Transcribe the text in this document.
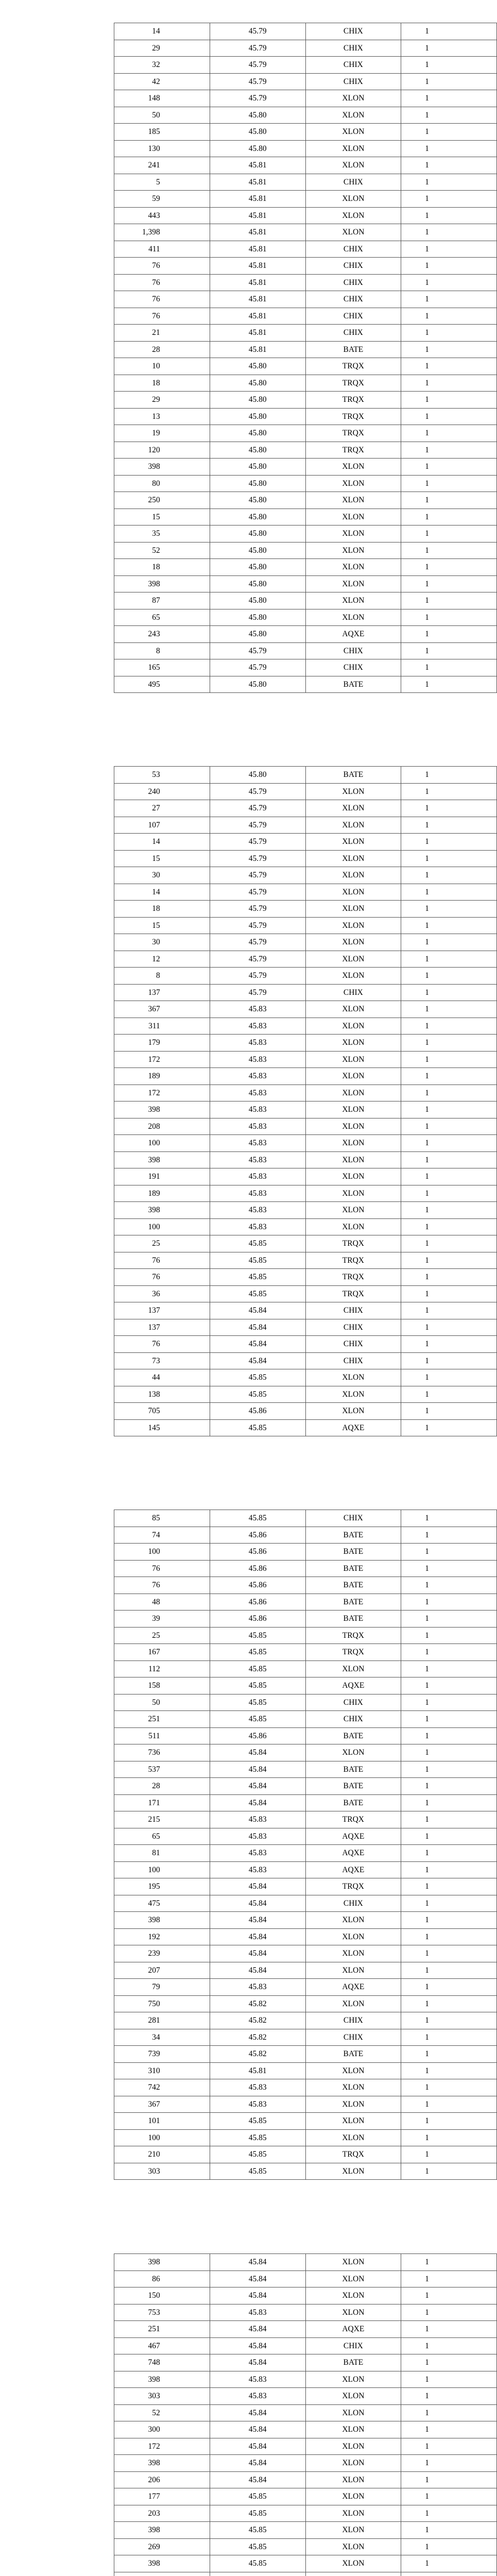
14	45.79	CHIX	1
29	45.79	CHIX	1
32	45.79	CHIX	1
42	45.79	CHIX	1
148	45.79	XLON	1
50	45.80	XLON	1
185	45.80	XLON	1
130	45.80	XLON	1
241	45.81	XLON	1
5	45.81	CHIX	1
59	45.81	XLON	1
443	45.81	XLON	1
1,398	45.81	XLON	1
411	45.81	CHIX	1
76	45.81	CHIX	1
76	45.81	CHIX	1
76	45.81	CHIX	1
76	45.81	CHIX	1
21	45.81	CHIX	1
28	45.81	BATE	1
10	45.80	TRQX	1
18	45.80	TRQX	1
29	45.80	TRQX	1
13	45.80	TRQX	1
19	45.80	TRQX	1
120	45.80	TRQX	1
398	45.80	XLON	1
80	45.80	XLON	1
250	45.80	XLON	1
15	45.80	XLON	1
35	45.80	XLON	1
52	45.80	XLON	1
18	45.80	XLON	1
398	45.80	XLON	1
87	45.80	XLON	1
65	45.80	XLON	1
243	45.80	AQXE	1
8	45.79	CHIX	1
165	45.79	CHIX	1
495	45.80	BATE	1
53	45.80	BATE	1
240	45.79	XLON	1
27	45.79	XLON	1
107	45.79	XLON	1
14	45.79	XLON	1
15	45.79	XLON	1
30	45.79	XLON	1
14	45.79	XLON	1
18	45.79	XLON	1
15	45.79	XLON	1
30	45.79	XLON	1
12	45.79	XLON	1
8	45.79	XLON	1
137	45.79	CHIX	1
367	45.83	XLON	1
311	45.83	XLON	1
179	45.83	XLON	1
172	45.83	XLON	1
189	45.83	XLON	1
172	45.83	XLON	1
398	45.83	XLON	1
208	45.83	XLON	1
100	45.83	XLON	1
398	45.83	XLON	1
191	45.83	XLON	1
189	45.83	XLON	1
398	45.83	XLON	1
100	45.83	XLON	1
25	45.85	TRQX	1
76	45.85	TRQX	1
76	45.85	TRQX	1
36	45.85	TRQX	1
137	45.84	CHIX	1
137	45.84	CHIX	1
76	45.84	CHIX	1
73	45.84	CHIX	1
44	45.85	XLON	1
138	45.85	XLON	1
705	45.86	XLON	1
145	45.85	AQXE	1
85	45.85	CHIX	1
74	45.86	BATE	1
100	45.86	BATE	1
76	45.86	BATE	1
76	45.86	BATE	1
48	45.86	BATE	1
39	45.86	BATE	1
25	45.85	TRQX	1
167	45.85	TRQX	1
112	45.85	XLON	1
158	45.85	AQXE	1
50	45.85	CHIX	1
251	45.85	CHIX	1
511	45.86	BATE	1
736	45.84	XLON	1
537	45.84	BATE	1
28	45.84	BATE	1
171	45.84	BATE	1
215	45.83	TRQX	1
65	45.83	AQXE	1
81	45.83	AQXE	1
100	45.83	AQXE	1
195	45.84	TRQX	1
475	45.84	CHIX	1
398	45.84	XLON	1
192	45.84	XLON	1
239	45.84	XLON	1
207	45.84	XLON	1
79	45.83	AQXE	1
750	45.82	XLON	1
281	45.82	CHIX	1
34	45.82	CHIX	1
739	45.82	BATE	1
310	45.81	XLON	1
742	45.83	XLON	1
367	45.83	XLON	1
101	45.85	XLON	1
100	45.85	XLON	1
210	45.85	TRQX	1
303	45.85	XLON	1
398	45.84	XLON	1
86	45.84	XLON	1
150	45.84	XLON	1
753	45.83	XLON	1
251	45.84	AQXE	1
467	45.84	CHIX	1
748	45.84	BATE	1
398	45.83	XLON	1
303	45.83	XLON	1
52	45.84	XLON	1
300	45.84	XLON	1
172	45.84	XLON	1
398	45.84	XLON	1
206	45.84	XLON	1
177	45.85	XLON	1
203	45.85	XLON	1
398	45.85	XLON	1
269	45.85	XLON	1
398	45.85	XLON	1
